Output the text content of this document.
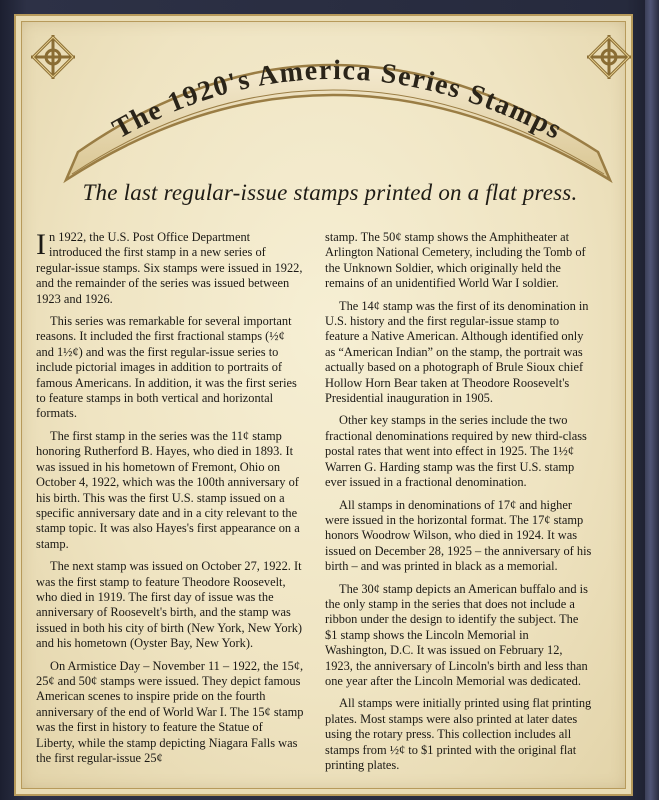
The 1920's America Series Stamps
The last regular-issue stamps printed on a flat press.

In 1922, the U.S. Post Office Department introduced the first stamp in a new series of regular-issue stamps. Six stamps were issued in 1922, and the remainder of the series was issued between 1923 and 1926.

This series was remarkable for several important reasons. It included the first fractional stamps (½¢ and 1½¢) and was the first regular-issue series to include pictorial images in addition to portraits of famous Americans. In addition, it was the first series to feature stamps in both vertical and horizontal formats.

The first stamp in the series was the 11¢ stamp honoring Rutherford B. Hayes, who died in 1893. It was issued in his hometown of Fremont, Ohio on October 4, 1922, which was the 100th anniversary of his birth. This was the first U.S. stamp issued on a specific anniversary date and in a city relevant to the stamp topic. It was also Hayes's first appearance on a stamp.

The next stamp was issued on October 27, 1922. It was the first stamp to feature Theodore Roosevelt, who died in 1919. The first day of issue was the anniversary of Roosevelt's birth, and the stamp was issued in both his city of birth (New York, New York) and his hometown (Oyster Bay, New York).

On Armistice Day – November 11 – 1922, the 15¢, 25¢ and 50¢ stamps were issued. They depict famous American scenes to inspire pride on the fourth anniversary of the end of World War I. The 15¢ stamp was the first in history to feature the Statue of Liberty, while the stamp depicting Niagara Falls was the first regular-issue 25¢

stamp. The 50¢ stamp shows the Amphitheater at Arlington National Cemetery, including the Tomb of the Unknown Soldier, which originally held the remains of an unidentified World War I soldier.

The 14¢ stamp was the first of its denomination in U.S. history and the first regular-issue stamp to feature a Native American. Although identified only as “American Indian” on the stamp, the portrait was actually based on a photograph of Brule Sioux chief Hollow Horn Bear taken at Theodore Roosevelt's Presidential inauguration in 1905.

Other key stamps in the series include the two fractional denominations required by new third-class postal rates that went into effect in 1925. The 1½¢ Warren G. Harding stamp was the first U.S. stamp ever issued in a fractional denomination.

All stamps in denominations of 17¢ and higher were issued in the horizontal format. The 17¢ stamp honors Woodrow Wilson, who died in 1924. It was issued on December 28, 1925 – the anniversary of his birth – and was printed in black as a memorial.

The 30¢ stamp depicts an American buffalo and is the only stamp in the series that does not include a ribbon under the design to identify the subject. The $1 stamp shows the Lincoln Memorial in Washington, D.C. It was issued on February 12, 1923, the anniversary of Lincoln's birth and less than one year after the Lincoln Memorial was dedicated.

All stamps were initially printed using flat printing plates. Most stamps were also printed at later dates using the rotary press. This collection includes all stamps from ½¢ to $1 printed with the original flat printing plates.
